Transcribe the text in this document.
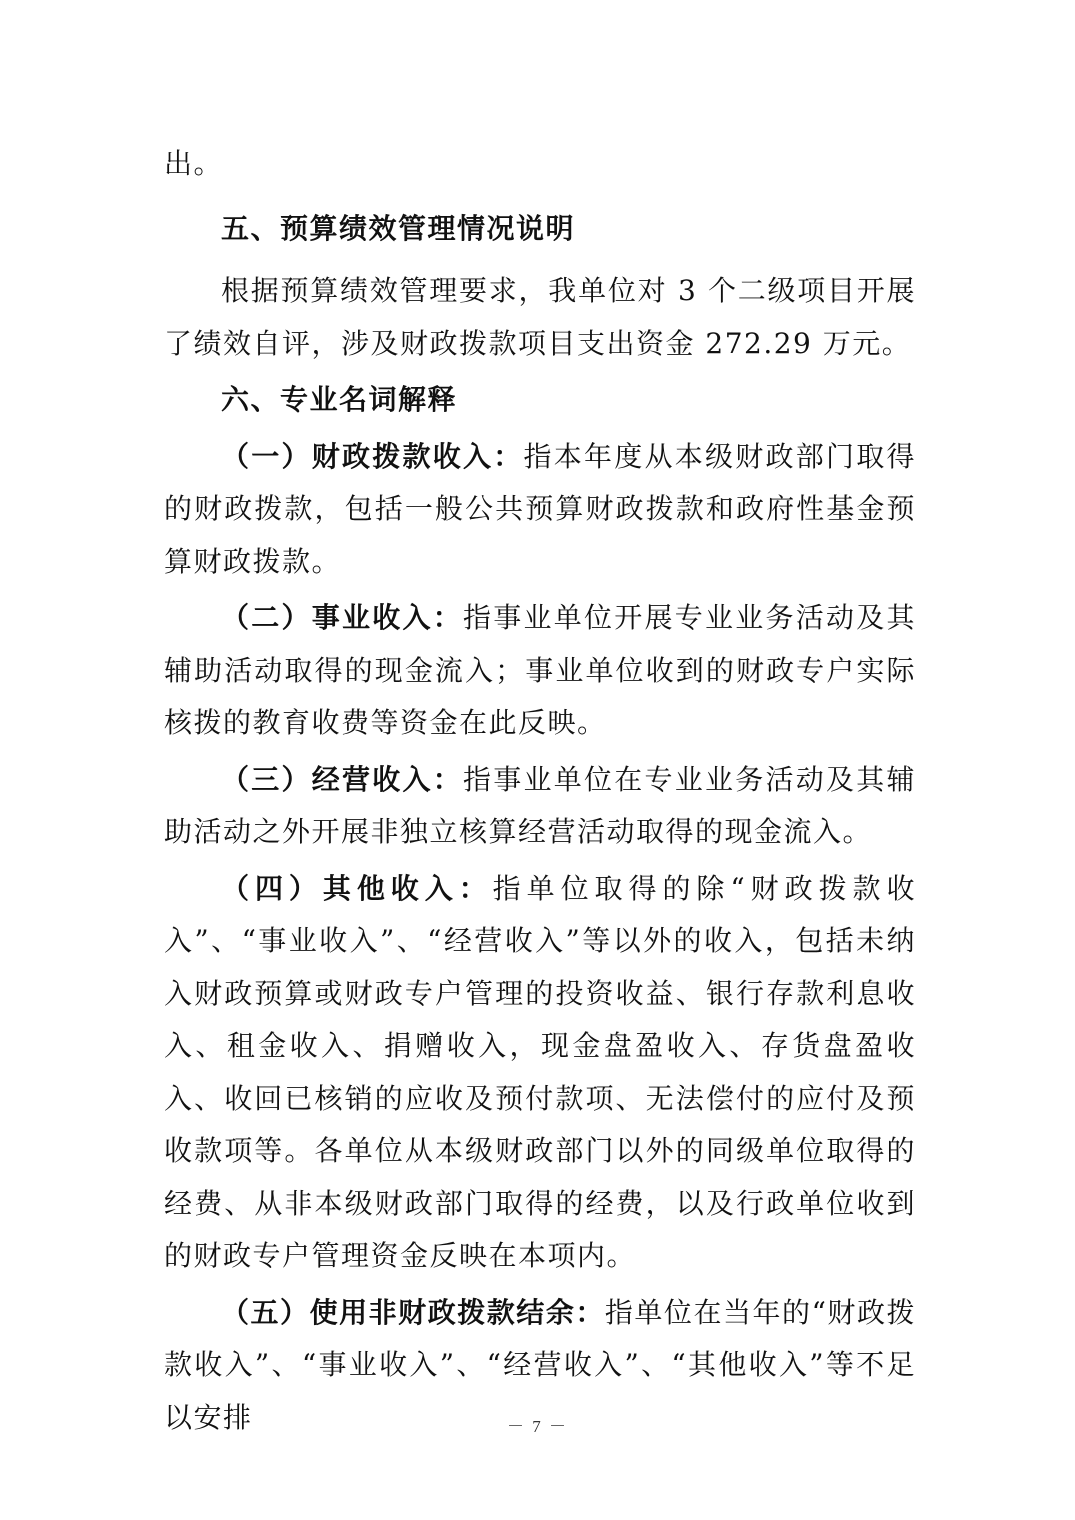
出。

五、预算绩效管理情况说明

根据预算绩效管理要求，我单位对 3 个二级项目开展了绩效自评，涉及财政拨款项目支出资金 272.29 万元。

六、专业名词解释

（一）财政拨款收入：指本年度从本级财政部门取得的财政拨款，包括一般公共预算财政拨款和政府性基金预算财政拨款。

（二）事业收入：指事业单位开展专业业务活动及其辅助活动取得的现金流入；事业单位收到的财政专户实际核拨的教育收费等资金在此反映。

（三）经营收入：指事业单位在专业业务活动及其辅助活动之外开展非独立核算经营活动取得的现金流入。

（四）其他收入：指单位取得的除“财政拨款收入”、“事业收入”、“经营收入”等以外的收入，包括未纳入财政预算或财政专户管理的投资收益、银行存款利息收入、租金收入、捐赠收入，现金盘盈收入、存货盘盈收入、收回已核销的应收及预付款项、无法偿付的应付及预收款项等。各单位从本级财政部门以外的同级单位取得的经费、从非本级财政部门取得的经费，以及行政单位收到的财政专户管理资金反映在本项内。

（五）使用非财政拨款结余：指单位在当年的“财政拨款收入”、“事业收入”、“经营收入”、“其他收入”等不足以安排	－ 7 －
